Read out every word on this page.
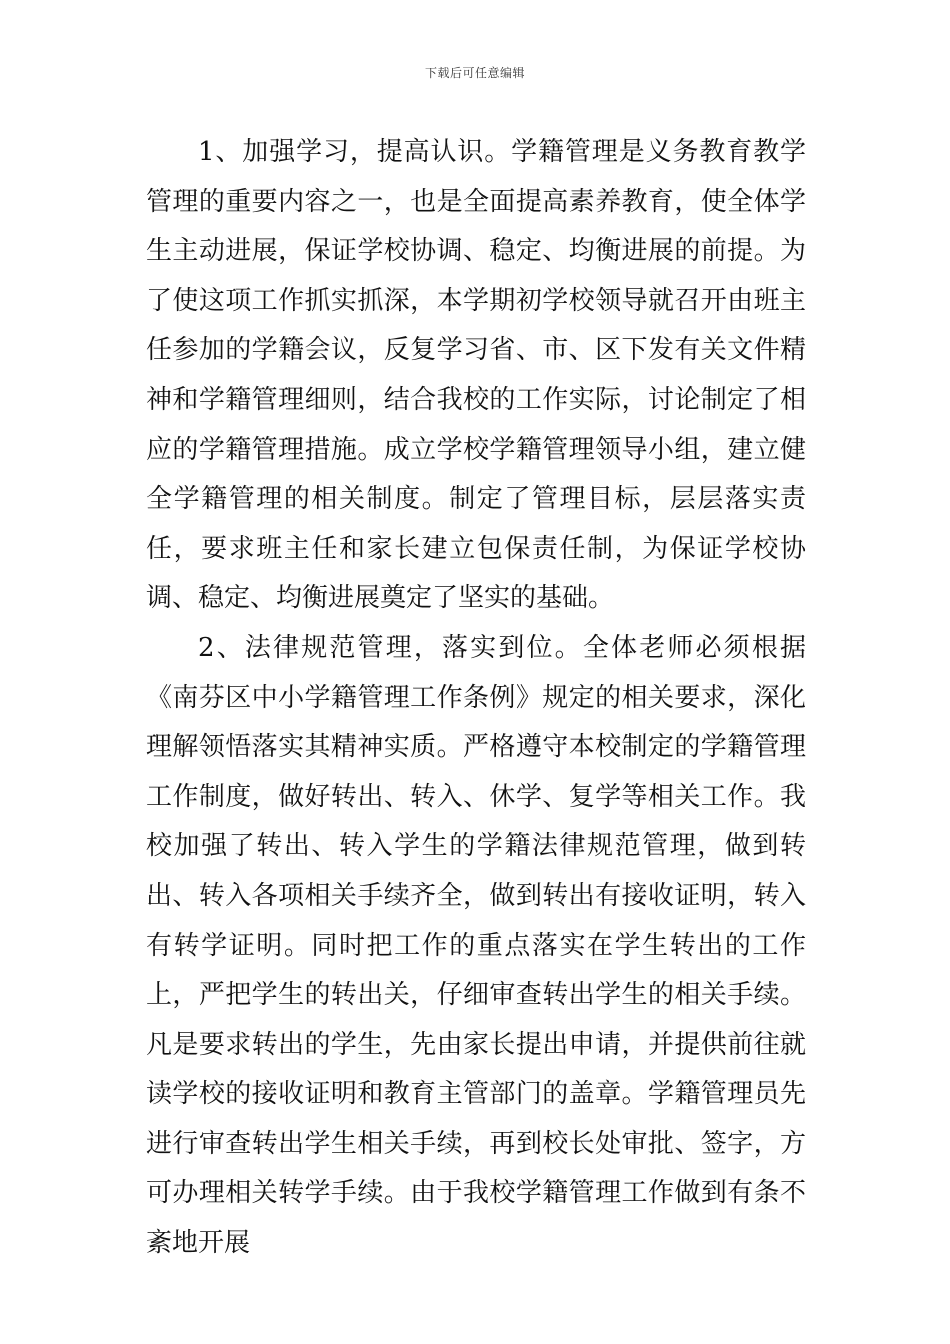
下载后可任意编辑

1、加强学习，提高认识。学籍管理是义务教育教学管理的重要内容之一，也是全面提高素养教育，使全体学生主动进展，保证学校协调、稳定、均衡进展的前提。为了使这项工作抓实抓深，本学期初学校领导就召开由班主任参加的学籍会议，反复学习省、市、区下发有关文件精神和学籍管理细则，结合我校的工作实际，讨论制定了相应的学籍管理措施。成立学校学籍管理领导小组，建立健全学籍管理的相关制度。制定了管理目标，层层落实责任，要求班主任和家长建立包保责任制，为保证学校协调、稳定、均衡进展奠定了坚实的基础。

2、法律规范管理，落实到位。全体老师必须根据《南芬区中小学籍管理工作条例》规定的相关要求，深化理解领悟落实其精神实质。严格遵守本校制定的学籍管理工作制度，做好转出、转入、休学、复学等相关工作。我校加强了转出、转入学生的学籍法律规范管理，做到转出、转入各项相关手续齐全，做到转出有接收证明，转入有转学证明。同时把工作的重点落实在学生转出的工作上，严把学生的转出关，仔细审查转出学生的相关手续。凡是要求转出的学生，先由家长提出申请，并提供前往就读学校的接收证明和教育主管部门的盖章。学籍管理员先进行审查转出学生相关手续，再到校长处审批、签字，方可办理相关转学手续。由于我校学籍管理工作做到有条不紊地开展
